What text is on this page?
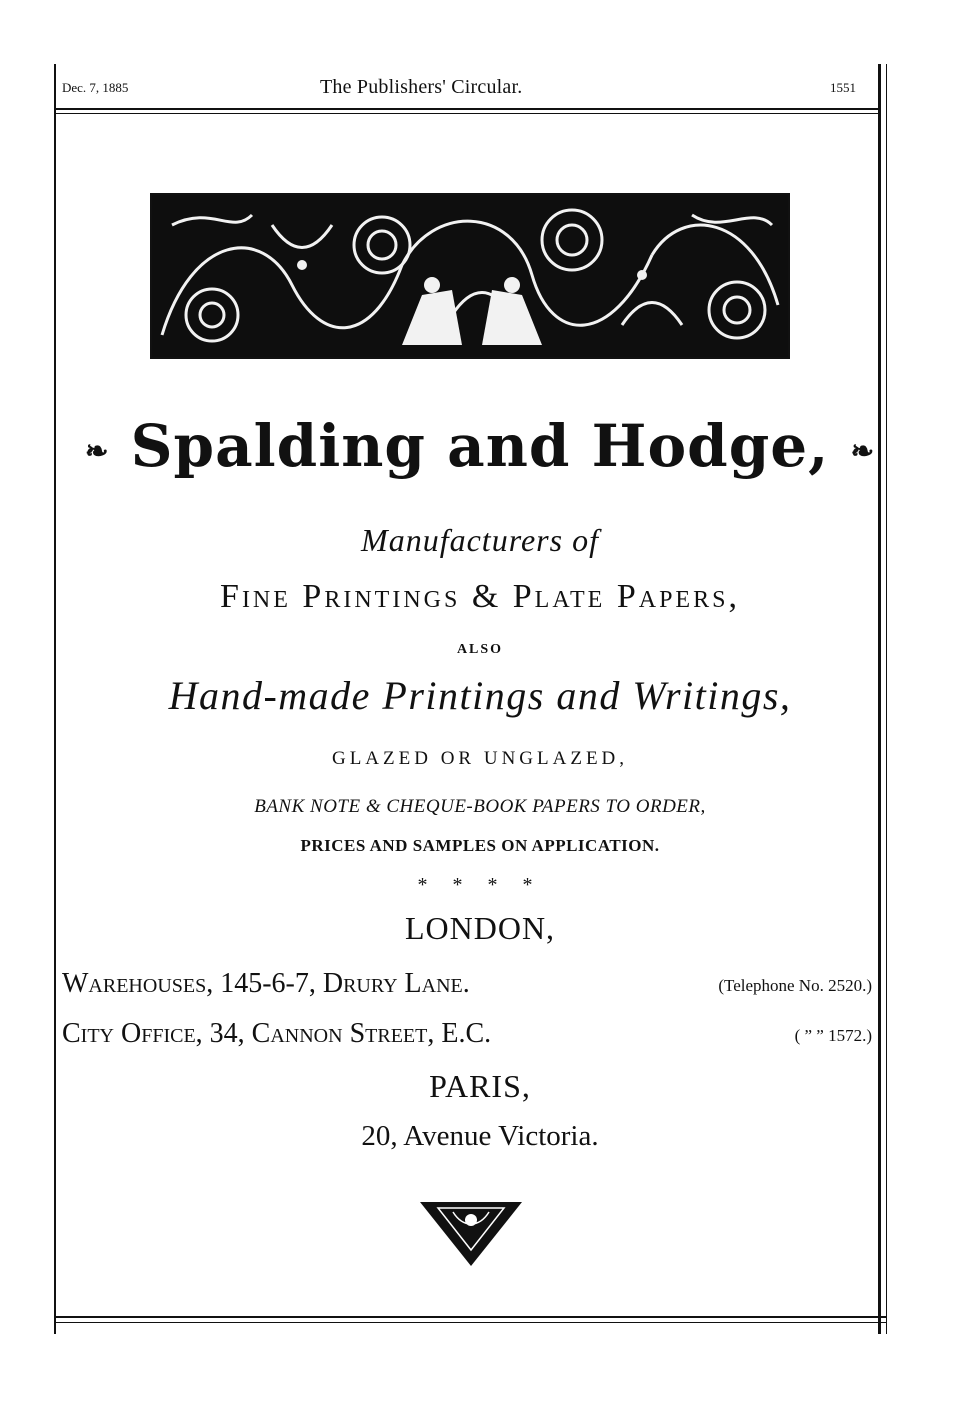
Dec. 7, 1885	The Publishers' Circular.	1551
❧ Spalding and Hodge, ❧
Manufacturers of
Fine Printings & Plate Papers,
ALSO
Hand-made Printings and Writings,
GLAZED OR UNGLAZED,
BANK NOTE & CHEQUE-BOOK PAPERS TO ORDER,
PRICES AND SAMPLES ON APPLICATION.
* * * *
LONDON,
Warehouses, 145-6-7, Drury Lane.	(Telephone No. 2520.)
City Office, 34, Cannon Street, E.C.	( ” ” 1572.)
PARIS,
20, Avenue Victoria.
